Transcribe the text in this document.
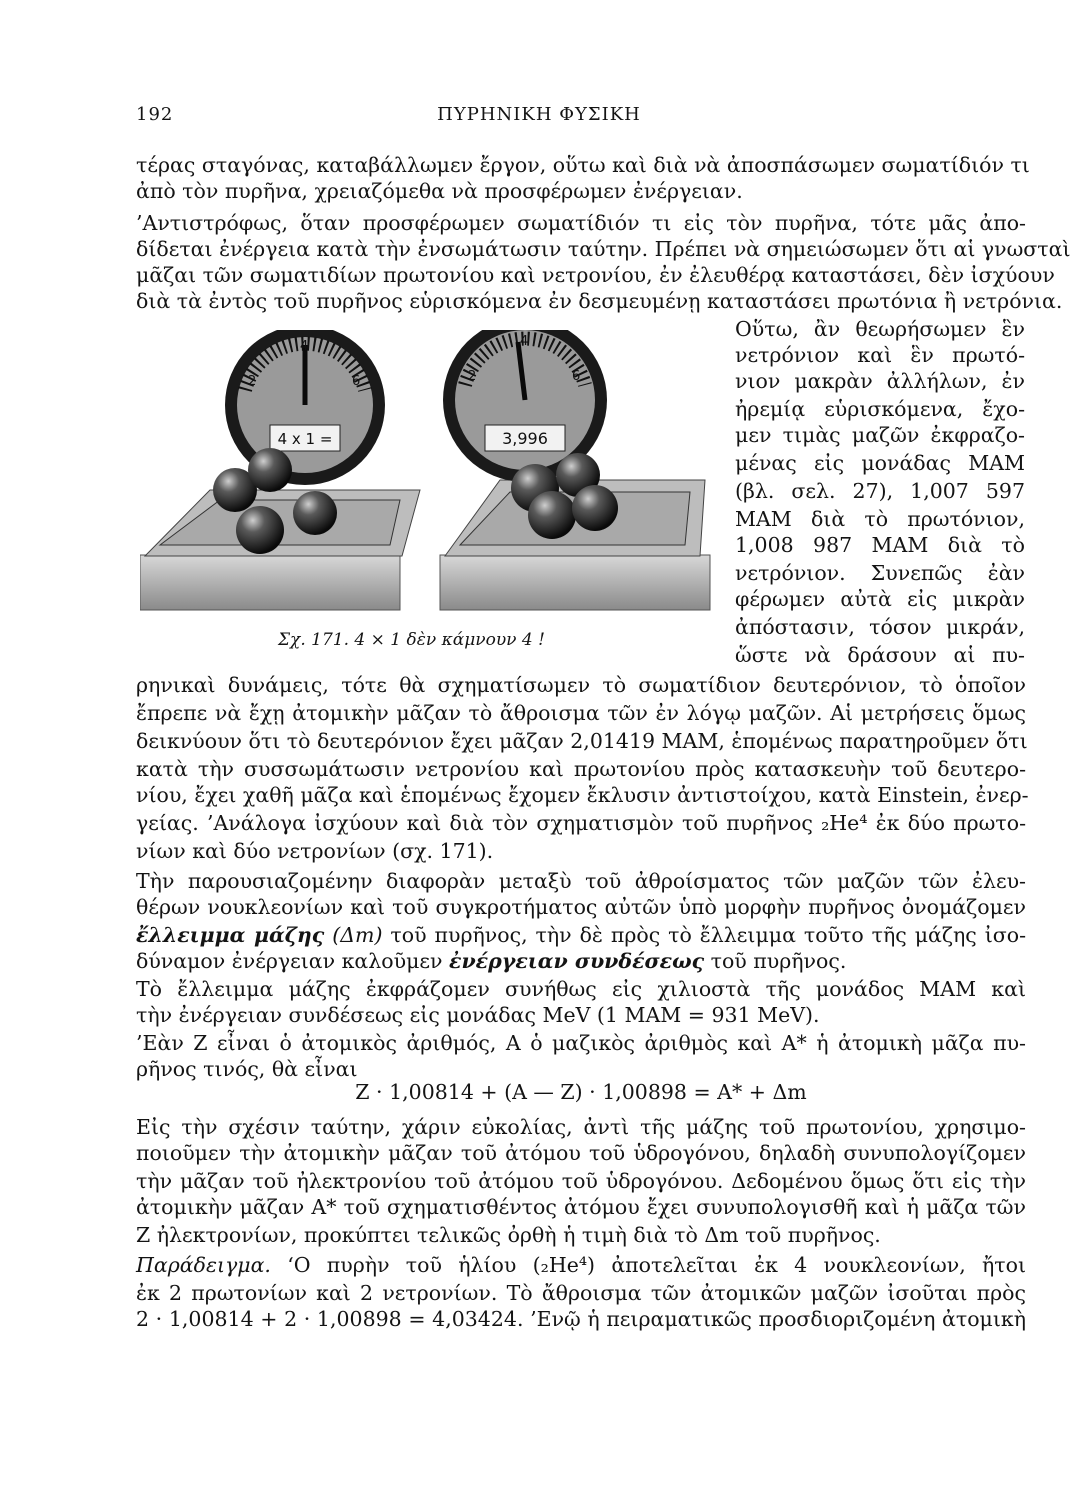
192	ΠΥΡΗΝΙΚΗ ΦΥΣΙΚΗ
τέρας σταγόνας, καταβάλλωμεν ἔργον, οὕτω καὶ διὰ νὰ ἀποσπάσωμεν σωματίδιόν τι
ἀπὸ τὸν πυρῆνα, χρειαζόμεθα νὰ προσφέρωμεν ἐνέργειαν.
’Αντιστρόφως, ὅταν προσφέρωμεν σωματίδιόν τι εἰς τὸν πυρῆνα, τότε μᾶς ἀπο-
δίδεται ἐνέργεια κατὰ τὴν ἐνσωμάτωσιν ταύτην. Πρέπει νὰ σημειώσωμεν ὅτι αἱ γνωσταὶ
μᾶζαι τῶν σωματιδίων πρωτονίου καὶ νετρονίου, ἐν ἐλευθέρᾳ καταστάσει, δὲν ἰσχύουν
διὰ τὰ ἐντὸς τοῦ πυρῆνος εὑρισκόμενα ἐν δεσμευμένῃ καταστάσει πρωτόνια ἢ νετρόνια.
Οὕτω, ἂν θεωρήσωμεν ἓν
νετρόνιον καὶ ἓν πρωτό-
νιον μακρὰν ἀλλήλων, ἐν
ἠρεμίᾳ εὑρισκόμενα, ἔχο-
μεν τιμὰς μαζῶν ἐκφραζο-
μένας εἰς μονάδας ΜΑΜ
(βλ. σελ. 27), 1,007 597
ΜΑΜ διὰ τὸ πρωτόνιον,
1,008 987 ΜΑΜ διὰ τὸ
νετρόνιον. Συνεπῶς ἐὰν
φέρωμεν αὐτὰ εἰς μικρὰν
ἀπόστασιν, τόσον μικράν,
ὥστε νὰ δράσουν αἱ πυ-
2
4
6
4 x 1 =
2
4
6
3,996
Σχ. 171. 4 × 1 δὲν κάμνουν 4 !
ρηνικαὶ δυνάμεις, τότε θὰ σχηματίσωμεν τὸ σωματίδιον δευτερόνιον, τὸ ὁποῖον
ἔπρεπε νὰ ἔχῃ ἀτομικὴν μᾶζαν τὸ ἄθροισμα τῶν ἐν λόγῳ μαζῶν. Αἱ μετρήσεις ὅμως
δεικνύουν ὅτι τὸ δευτερόνιον ἔχει μᾶζαν 2,01419 ΜΑΜ, ἑπομένως παρατηροῦμεν ὅτι
κατὰ τὴν συσσωμάτωσιν νετρονίου καὶ πρωτονίου πρὸς κατασκευὴν τοῦ δευτερο-
νίου, ἔχει χαθῆ μᾶζα καὶ ἑπομένως ἔχομεν ἔκλυσιν ἀντιστοίχου, κατὰ Einstein, ἐνερ-
γείας. ’Ανάλογα ἰσχύουν καὶ διὰ τὸν σχηματισμὸν τοῦ πυρῆνος ₂He⁴ ἐκ δύο πρωτο-
νίων καὶ δύο νετρονίων (σχ. 171).
Τὴν παρουσιαζομένην διαφορὰν μεταξὺ τοῦ ἀθροίσματος τῶν μαζῶν τῶν ἐλευ-
θέρων νουκλεονίων καὶ τοῦ συγκροτήματος αὐτῶν ὑπὸ μορφὴν πυρῆνος ὀνομάζομεν
ἔλλειμμα μάζης (Δm) τοῦ πυρῆνος, τὴν δὲ πρὸς τὸ ἔλλειμμα τοῦτο τῆς μάζης ἰσο-
δύναμον ἐνέργειαν καλοῦμεν ἐνέργειαν συνδέσεως τοῦ πυρῆνος.
Τὸ ἔλλειμμα μάζης ἐκφράζομεν συνήθως εἰς χιλιοστὰ τῆς μονάδος ΜΑΜ καὶ
τὴν ἐνέργειαν συνδέσεως εἰς μονάδας MeV (1 ΜΑΜ = 931 MeV).
’Εὰν Z εἶναι ὁ ἀτομικὸς ἀριθμός, A ὁ μαζικὸς ἀριθμὸς καὶ A* ἡ ἀτομικὴ μᾶζα πυ-
ρῆνος τινός, θὰ εἶναι
Z · 1,00814 + (A — Z) · 1,00898 = A* + Δm
Εἰς τὴν σχέσιν ταύτην, χάριν εὐκολίας, ἀντὶ τῆς μάζης τοῦ πρωτονίου, χρησιμο-
ποιοῦμεν τὴν ἀτομικὴν μᾶζαν τοῦ ἀτόμου τοῦ ὑδρογόνου, δηλαδὴ συνυπολογίζομεν
τὴν μᾶζαν τοῦ ἠλεκτρονίου τοῦ ἀτόμου τοῦ ὑδρογόνου. Δεδομένου ὅμως ὅτι εἰς τὴν
ἀτομικὴν μᾶζαν A* τοῦ σχηματισθέντος ἀτόμου ἔχει συνυπολογισθῆ καὶ ἡ μᾶζα τῶν
Z ἠλεκτρονίων, προκύπτει τελικῶς ὀρθὴ ἡ τιμὴ διὰ τὸ Δm τοῦ πυρῆνος.
Παράδειγμα. ‘Ο πυρὴν τοῦ ἡλίου (₂He⁴) ἀποτελεῖται ἐκ 4 νουκλεονίων, ἤτοι
ἐκ 2 πρωτονίων καὶ 2 νετρονίων. Τὸ ἄθροισμα τῶν ἀτομικῶν μαζῶν ἰσοῦται πρὸς
2 · 1,00814 + 2 · 1,00898 = 4,03424. ’Ενῷ ἡ πειραματικῶς προσδιοριζομένη ἀτομικὴ
